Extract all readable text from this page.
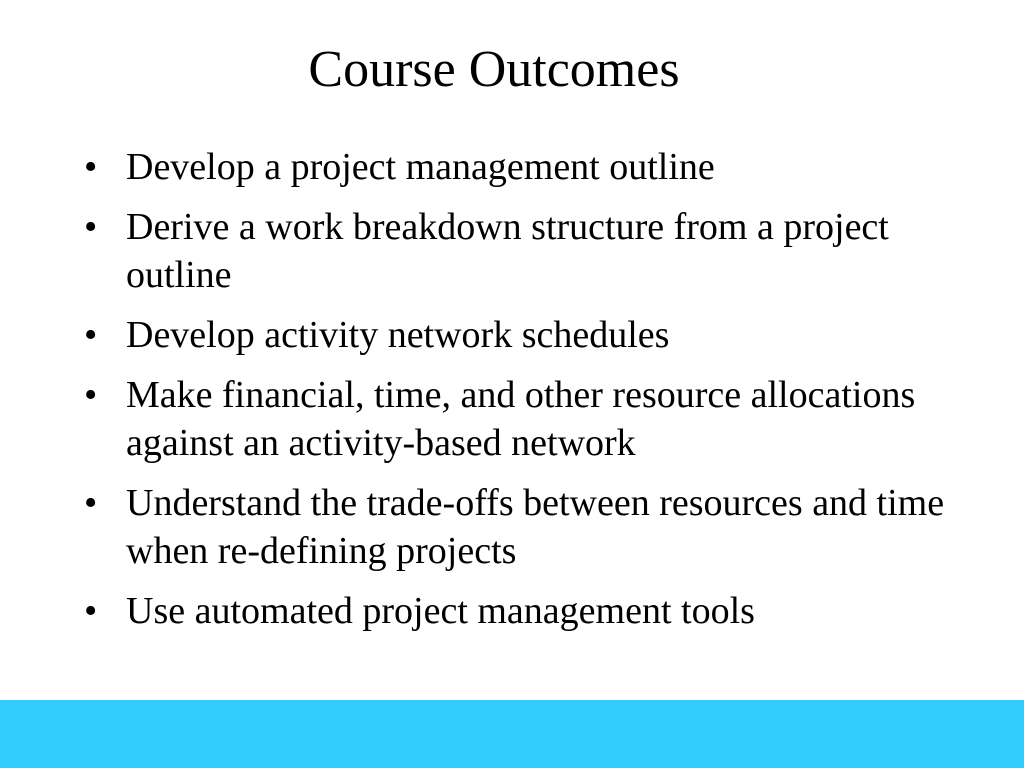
Course Outcomes
• Develop a project management outline
• Derive a work breakdown structure from a project outline
• Develop activity network schedules
• Make financial, time, and other resource allocations against an activity-based network
• Understand the trade-offs between resources and time when re-defining projects
• Use automated project management tools
